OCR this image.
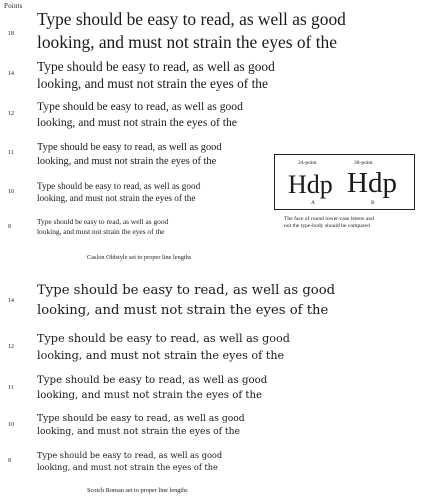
Points
18

Type should be easy to read, as well as good
looking, and must not strain the eyes of the

14 Type should be easy to read, as well as good
looking, and must not strain the eyes of the

12

Type should be easy to read, as well as good
looking, and must not strain the eyes of the

11 Type should be easy to read, as well as good
looking, and must not strain the eyes of the

10

Type should be easy to read, as well as good
looking, and must not strain the eyes of the

8

Type should be easy to read, as well as good
looking, and must not strain the eyes of the

Caslon Oldstyle set to proper line lengths
24-point	30-point
Hdp Hdp
A	B
The face of round lower-case letters and
not the type-body should be compared
14

Type should be easy to read, as well as good
looking, and must not strain the eyes of the

12

Type should be easy to read, as well as good
looking, and must not strain the eyes of the

11

Type should be easy to read, as well as good
looking, and must not strain the eyes of the

10

Type should be easy to read, as well as good
looking, and must not strain the eyes of the

8

Type should be easy to read, as well as good
looking, and must not strain the eyes of the

Scotch Roman set to proper line lengths
